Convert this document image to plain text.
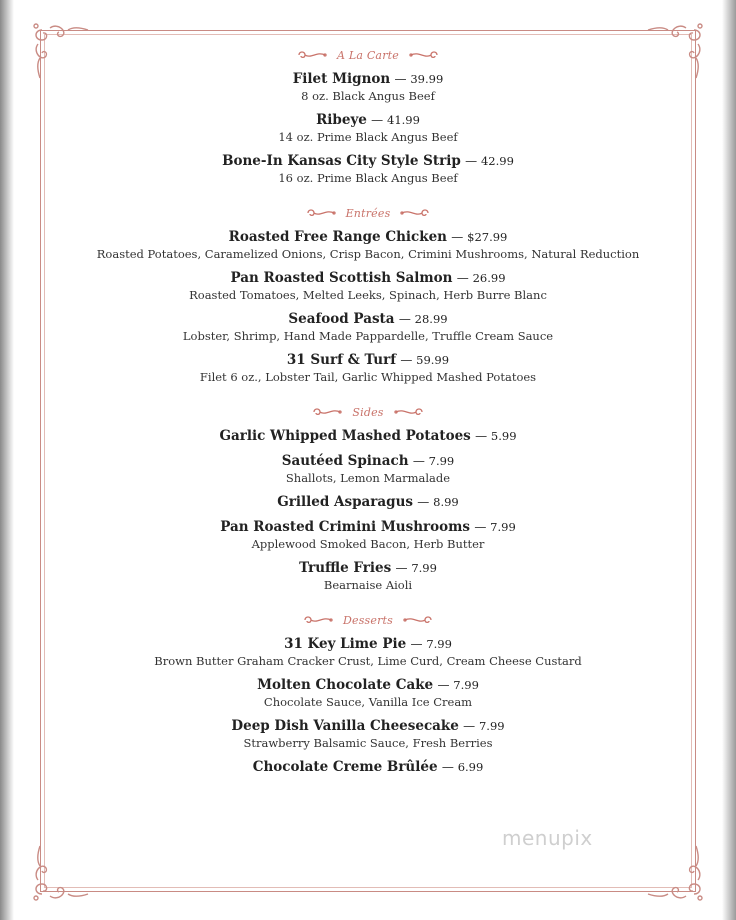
A La Carte
Filet Mignon — 39.99
8 oz. Black Angus Beef
Ribeye — 41.99
14 oz. Prime Black Angus Beef
Bone-In Kansas City Style Strip — 42.99
16 oz. Prime Black Angus Beef
Entrées
Roasted Free Range Chicken — $27.99
Roasted Potatoes, Caramelized Onions, Crisp Bacon, Crimini Mushrooms, Natural Reduction
Pan Roasted Scottish Salmon — 26.99
Roasted Tomatoes, Melted Leeks, Spinach, Herb Burre Blanc
Seafood Pasta — 28.99
Lobster, Shrimp, Hand Made Pappardelle, Truffle Cream Sauce
31 Surf & Turf — 59.99
Filet 6 oz., Lobster Tail, Garlic Whipped Mashed Potatoes
Sides
Garlic Whipped Mashed Potatoes — 5.99
Sautéed Spinach — 7.99
Shallots, Lemon Marmalade
Grilled Asparagus — 8.99
Pan Roasted Crimini Mushrooms — 7.99
Applewood Smoked Bacon, Herb Butter
Truffle Fries — 7.99
Bearnaise Aioli
Desserts
31 Key Lime Pie — 7.99
Brown Butter Graham Cracker Crust, Lime Curd, Cream Cheese Custard
Molten Chocolate Cake — 7.99
Chocolate Sauce, Vanilla Ice Cream
Deep Dish Vanilla Cheesecake — 7.99
Strawberry Balsamic Sauce, Fresh Berries
Chocolate Creme Brûlée — 6.99
menupix
